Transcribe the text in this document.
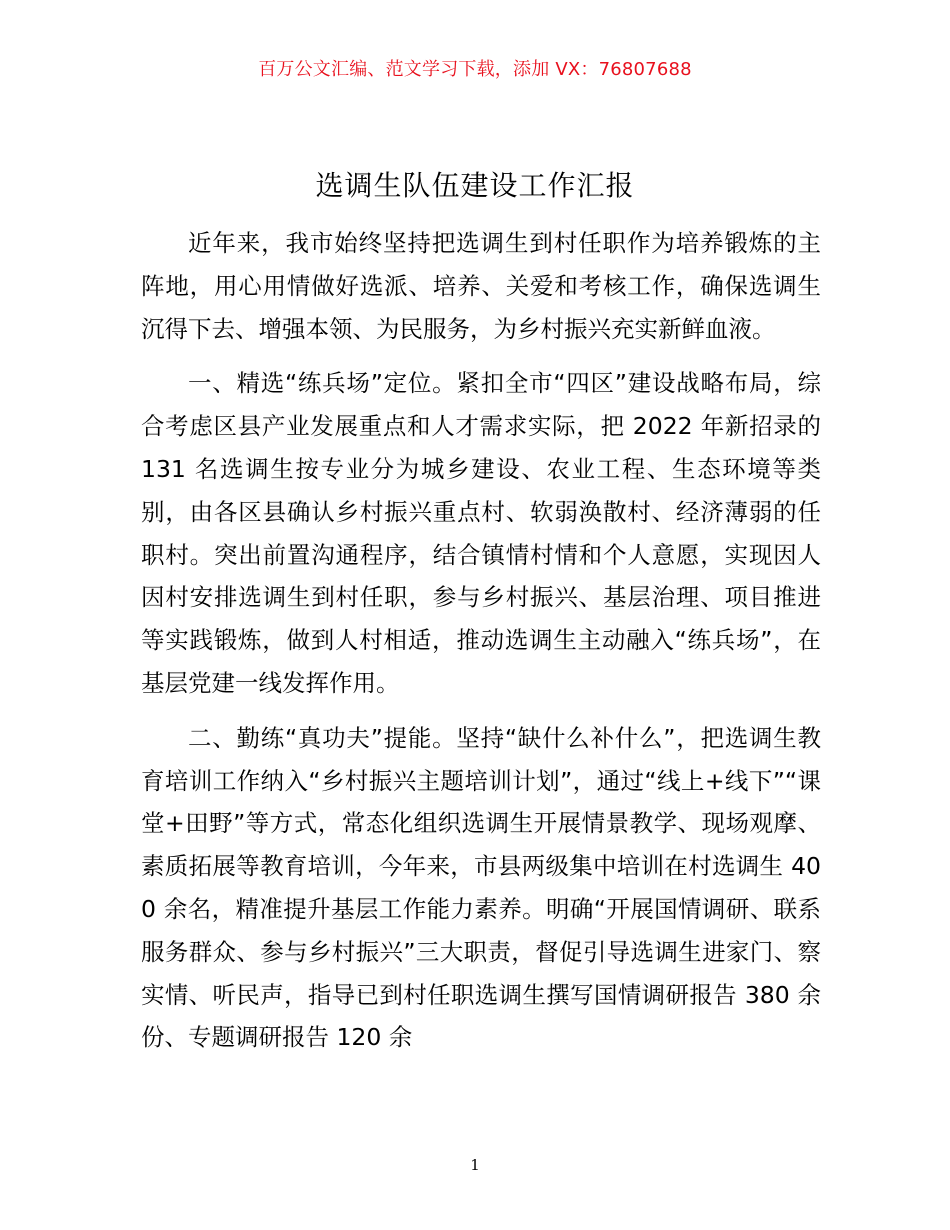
百万公文汇编、范文学习下载，添加 VX：76807688
选调生队伍建设工作汇报

近年来，我市始终坚持把选调生到村任职作为培养锻炼的主阵地，用心用情做好选派、培养、关爱和考核工作，确保选调生沉得下去、增强本领、为民服务，为乡村振兴充实新鲜血液。

一、精选“练兵场”定位。紧扣全市“四区”建设战略布局，综合考虑区县产业发展重点和人才需求实际，把 2022 年新招录的 131 名选调生按专业分为城乡建设、农业工程、生态环境等类别，由各区县确认乡村振兴重点村、软弱涣散村、经济薄弱的任职村。突出前置沟通程序，结合镇情村情和个人意愿，实现因人因村安排选调生到村任职，参与乡村振兴、基层治理、项目推进等实践锻炼，做到人村相适，推动选调生主动融入“练兵场”，在基层党建一线发挥作用。

二、勤练“真功夫”提能。坚持“缺什么补什么”，把选调生教育培训工作纳入“乡村振兴主题培训计划”，通过“线上+线下”“课堂+田野”等方式，常态化组织选调生开展情景教学、现场观摩、素质拓展等教育培训，今年来，市县两级集中培训在村选调生 400 余名，精准提升基层工作能力素养。明确“开展国情调研、联系服务群众、参与乡村振兴”三大职责，督促引导选调生进家门、察实情、听民声，指导已到村任职选调生撰写国情调研报告 380 余份、专题调研报告 120 余

1
